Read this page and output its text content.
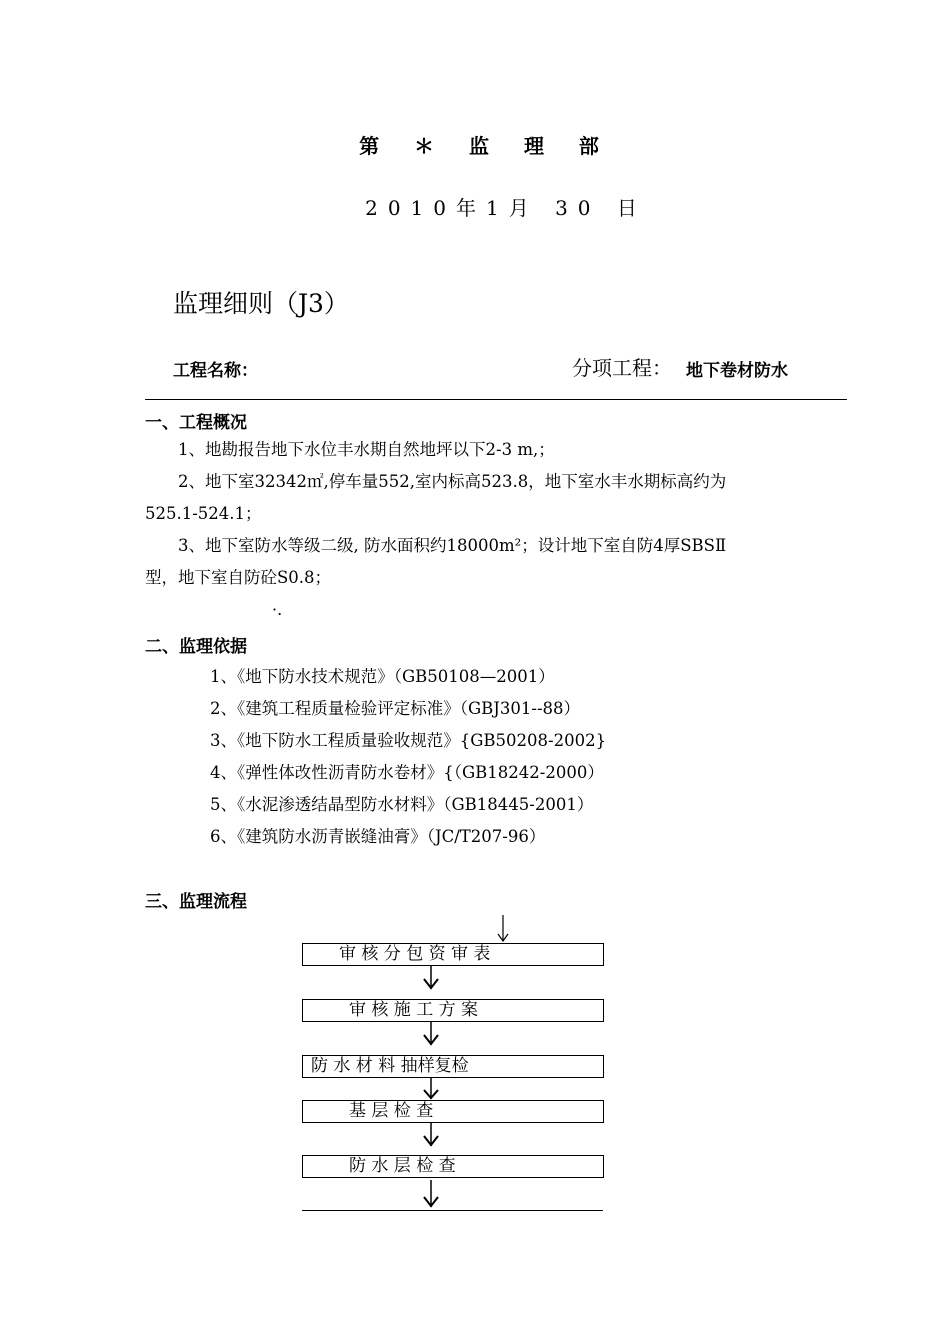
第 ＊ 监 理 部
2010年1月 30 日
监理细则（J3）
工程名称：	分项工程： 地下卷材防水
一、工程概况

1、地勘报告地下水位丰水期自然地坪以下2-3 m,；

2、地下室32342㎡,停车量552,室内标高523.8，地下室水丰水期标高约为

525.1-524.1；

3、地下室防水等级二级, 防水面积约18000m²；设计地下室自防4厚SBSⅡ

型，地下室自防砼S0.8；

·.
二、监理依据
1、《地下防水技术规范》（GB50108—2001）
2、《建筑工程质量检验评定标准》（GBJ301--88）
3、《地下防水工程质量验收规范》{GB50208-2002}
4、《弹性体改性沥青防水卷材》{（GB18242-2000）
5、《水泥渗透结晶型防水材料》（GB18445-2001）
6、《建筑防水沥青嵌缝油膏》（JC/T207-96）
三、监理流程
审 核 分 包 资 审 表
审 核 施 工 方 案
防 水 材 料 抽样复检
基 层 检 查
防 水 层 检 查
